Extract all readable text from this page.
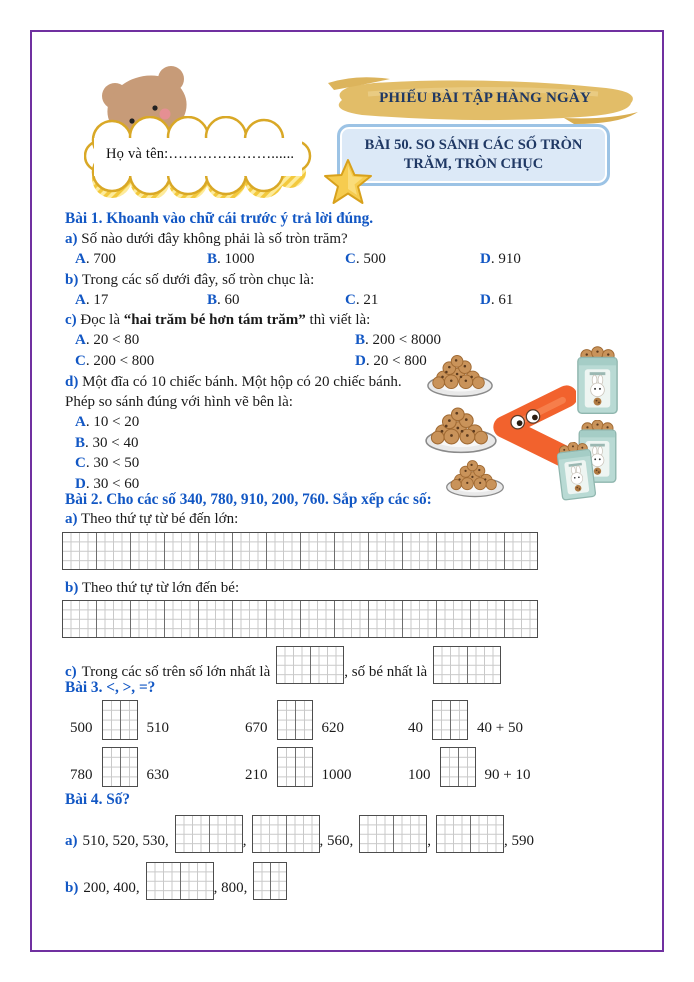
Họ và tên:…………………......
PHIẾU BÀI TẬP HÀNG NGÀY
BÀI 50. SO SÁNH CÁC SỐ TRÒN TRĂM, TRÒN CHỤC
Bài 1. Khoanh vào chữ cái trước ý trả lời đúng.
a) Số nào dưới đây không phải là số tròn trăm?
A. 700	B. 1000	C. 500	D. 910
b) Trong các số dưới đây, số tròn chục là:
A. 17	B. 60	C. 21	D. 61
c) Đọc là “hai trăm bé hơn tám trăm” thì viết là:
A. 20 < 80	B. 200 < 8000
C. 200 < 800	D. 20 < 800
d) Một đĩa có 10 chiếc bánh. Một hộp có 20 chiếc bánh.
Phép so sánh đúng với hình vẽ bên là:
A. 10 < 20
B. 30 < 40
C. 30 < 50
D. 30 < 60
Bài 2. Cho các số 340, 780, 910, 200, 760. Sắp xếp các số:
a) Theo thứ tự từ bé đến lớn:
b) Theo thứ tự từ lớn đến bé:
c) Trong các số trên số lớn nhất là	, số bé nhất là
Bài 3. <, >, =?
500	510	670	620	40	40 + 50
780	630	210	1000	100	90 + 10
Bài 4. Số?
a) 510, 520, 530,	,	, 560,	,	, 590
b) 200, 400,	, 800,
